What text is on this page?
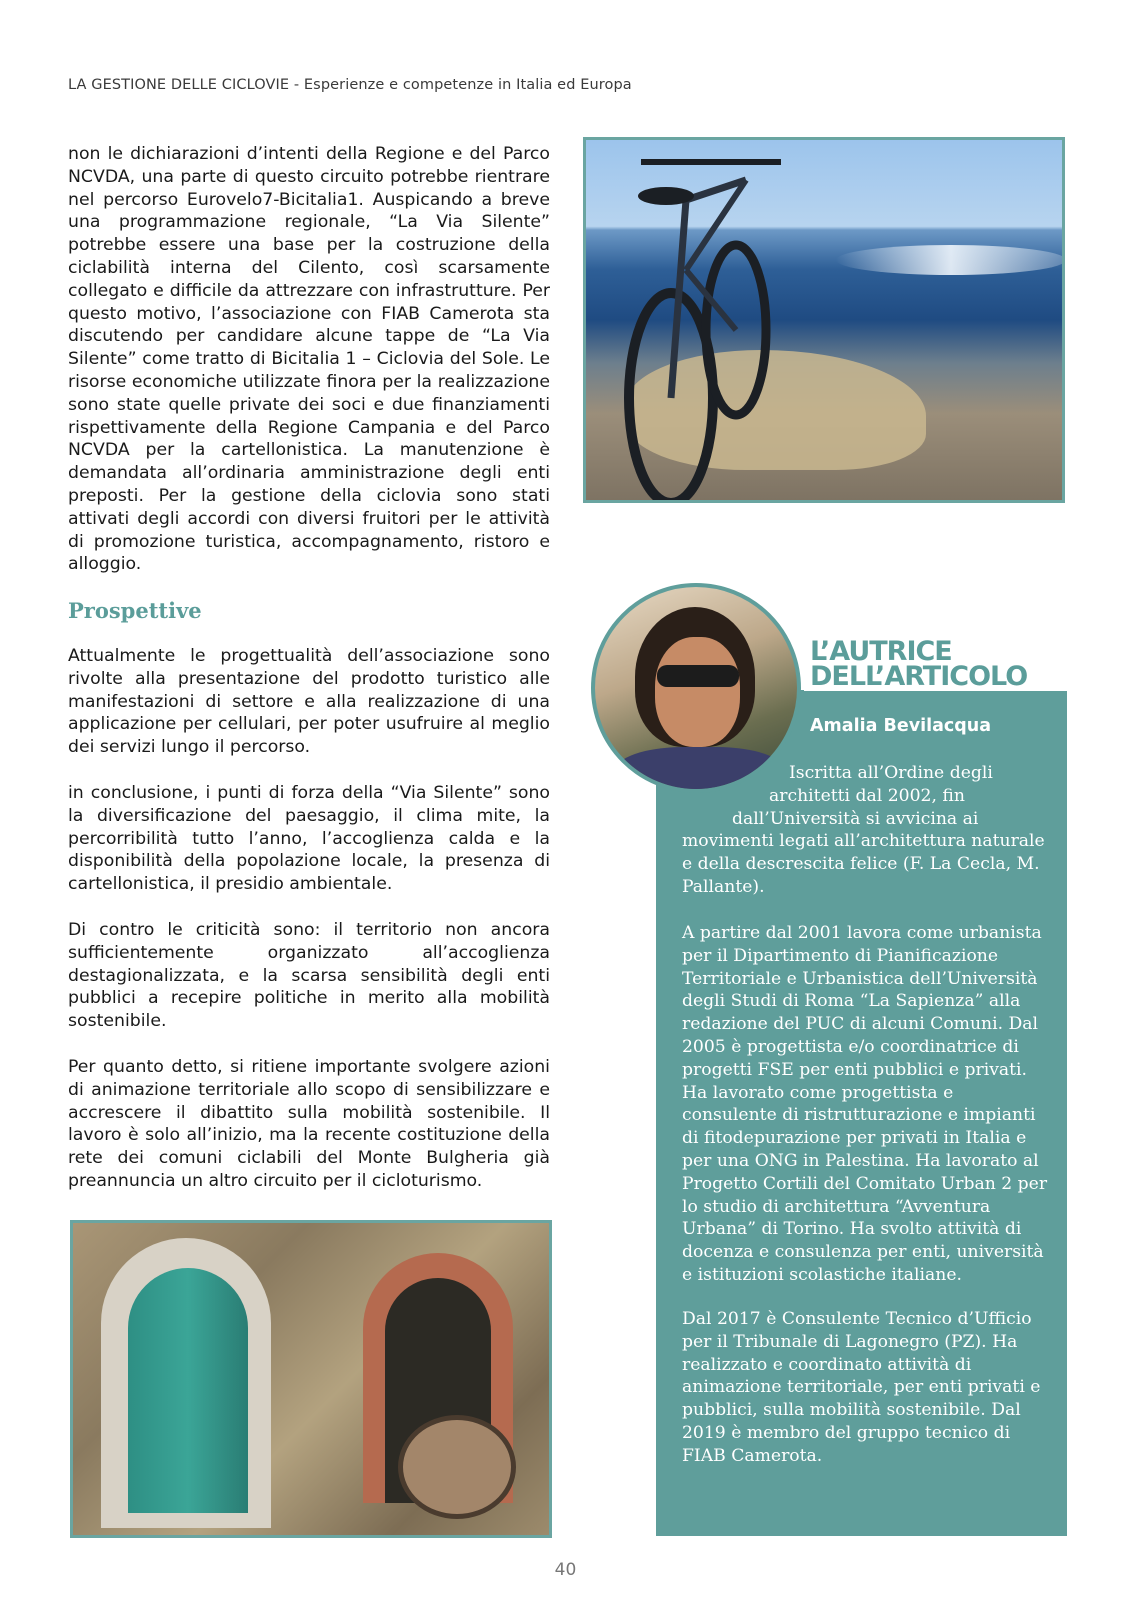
LA GESTIONE DELLE CICLOVIE - Esperienze e competenze in Italia ed Europa

non le dichiarazioni d’intenti della Regione e del Parco NCVDA, una parte di questo circuito potrebbe rientrare nel percorso Eurovelo7-Bicitalia1. Auspicando a breve una programmazione regionale, “La Via Silente” potrebbe essere una base per la costruzione della ciclabilità interna del Cilento, così scarsamente collegato e difficile da attrezzare con infrastrutture. Per questo motivo, l’associazione con FIAB Camerota sta discutendo per candidare alcune tappe de “La Via Silente” come tratto di Bicitalia 1 – Ciclovia del Sole. Le risorse economiche utilizzate finora per la realizzazione sono state quelle private dei soci e due finanziamenti rispettivamente della Regione Campania e del Parco NCVDA per la cartellonistica. La manutenzione è demandata all’ordinaria amministrazione degli enti preposti. Per la gestione della ciclovia sono stati attivati degli accordi con diversi fruitori per le attività di promozione turistica, accompagnamento, ristoro e alloggio.

Prospettive

Attualmente le progettualità dell’associazione sono rivolte alla presentazione del prodotto turistico alle manifestazioni di settore e alla realizzazione di una applicazione per cellulari, per poter usufruire al meglio dei servizi lungo il percorso.

in conclusione, i punti di forza della “Via Silente” sono la diversificazione del paesaggio, il clima mite, la percorribilità tutto l’anno, l’accoglienza calda e la disponibilità della popolazione locale, la presenza di cartellonistica, il presidio ambientale.

Di contro le criticità sono: il territorio non ancora sufficientemente organizzato all’accoglienza destagionalizzata, e la scarsa sensibilità degli enti pubblici a recepire politiche in merito alla mobilità sostenibile.

Per quanto detto, si ritiene importante svolgere azioni di animazione territoriale allo scopo di sensibilizzare e accrescere il dibattito sulla mobilità sostenibile. Il lavoro è solo all’inizio, ma la recente costituzione della rete dei comuni ciclabili del Monte Bulgheria già preannuncia un altro circuito per il cicloturismo.

L’AUTRICE
DELL’ARTICOLO

Amalia Bevilacqua

Iscritta all’Ordine degli
architetti dal 2002, fin
dall’Università si avvicina ai
movimenti legati all’architettura naturale
e della descrescita felice (F. La Cecla, M.
Pallante).

A partire dal 2001 lavora come urbanista per il Dipartimento di Pianificazione Territoriale e Urbanistica dell’Università degli Studi di Roma “La Sapienza” alla redazione del PUC di alcuni Comuni. Dal 2005 è progettista e/o coordinatrice di progetti FSE per enti pubblici e privati. Ha lavorato come progettista e consulente di ristrutturazione e impianti di fitodepurazione per privati in Italia e per una ONG in Palestina. Ha lavorato al Progetto Cortili del Comitato Urban 2 per lo studio di architettura “Avventura Urbana” di Torino. Ha svolto attività di docenza e consulenza per enti, università e istituzioni scolastiche italiane.

Dal 2017 è Consulente Tecnico d’Ufficio per il Tribunale di Lagonegro (PZ). Ha realizzato e coordinato attività di animazione territoriale, per enti privati e pubblici, sulla mobilità sostenibile. Dal 2019 è membro del gruppo tecnico di FIAB Camerota.

40
